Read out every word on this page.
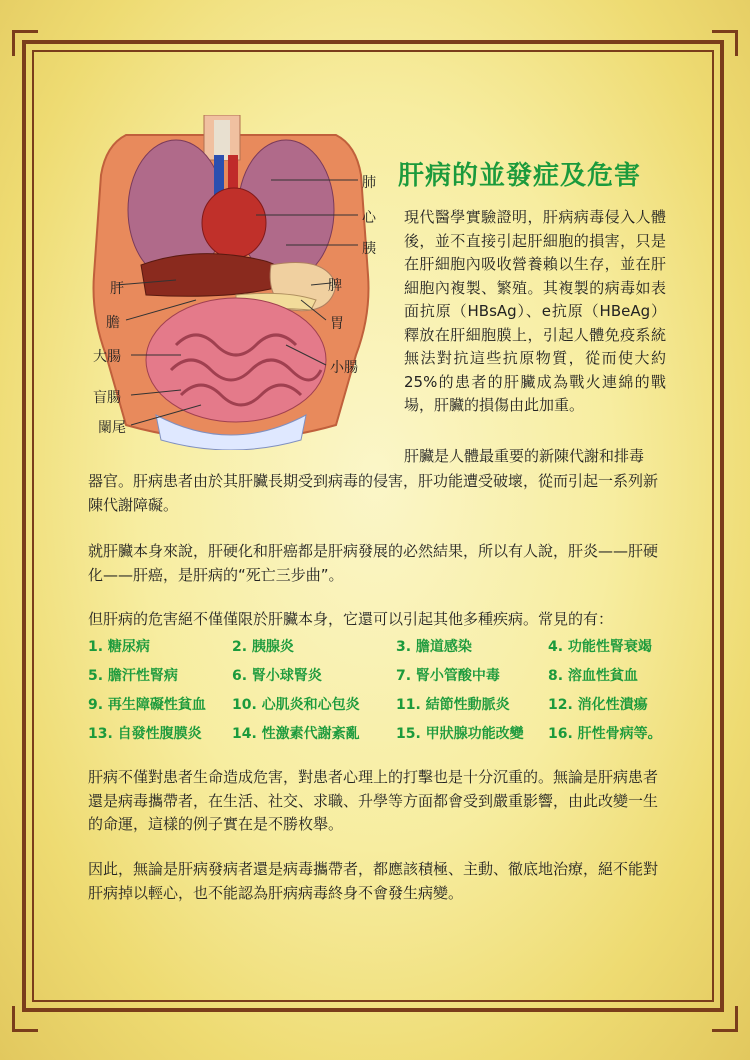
肺
心
胰
肝	脾
膽	胃
大腸
小腸
盲腸
闌尾
肝病的並發症及危害
現代醫學實驗證明，肝病病毒侵入人體後，並不直接引起肝細胞的損害，只是在肝細胞內吸收營養賴以生存，並在肝細胞內複製、繁殖。其複製的病毒如表面抗原（HBsAg）、e抗原（HBeAg）釋放在肝細胞膜上，引起人體免疫系統無法對抗這些抗原物質，從而使大約25%的患者的肝臟成為戰火連綿的戰場，肝臟的損傷由此加重。
肝臟是人體最重要的新陳代謝和排毒
器官。肝病患者由於其肝臟長期受到病毒的侵害，肝功能遭受破壞，從而引起一系列新陳代謝障礙。
就肝臟本身來說，肝硬化和肝癌都是肝病發展的必然結果，所以有人說，肝炎——肝硬化——肝癌，是肝病的“死亡三步曲”。
但肝病的危害絕不僅僅限於肝臟本身，它還可以引起其他多種疾病。常見的有：
1. 糖尿病	2. 胰腺炎	3. 膽道感染	4. 功能性腎衰竭
5. 膽汗性腎病	6. 腎小球腎炎	7. 腎小管酸中毒	8. 溶血性貧血
9. 再生障礙性貧血	10. 心肌炎和心包炎	11. 結節性動脈炎	12. 消化性潰瘍
13. 自發性腹膜炎	14. 性激素代謝紊亂	15. 甲狀腺功能改變	16. 肝性骨病等。
肝病不僅對患者生命造成危害，對患者心理上的打擊也是十分沉重的。無論是肝病患者還是病毒攜帶者，在生活、社交、求職、升學等方面都會受到嚴重影響，由此改變一生的命運，這樣的例子實在是不勝枚舉。
因此，無論是肝病發病者還是病毒攜帶者，都應該積極、主動、徹底地治療，絕不能對肝病掉以輕心，也不能認為肝病病毒終身不會發生病變。
